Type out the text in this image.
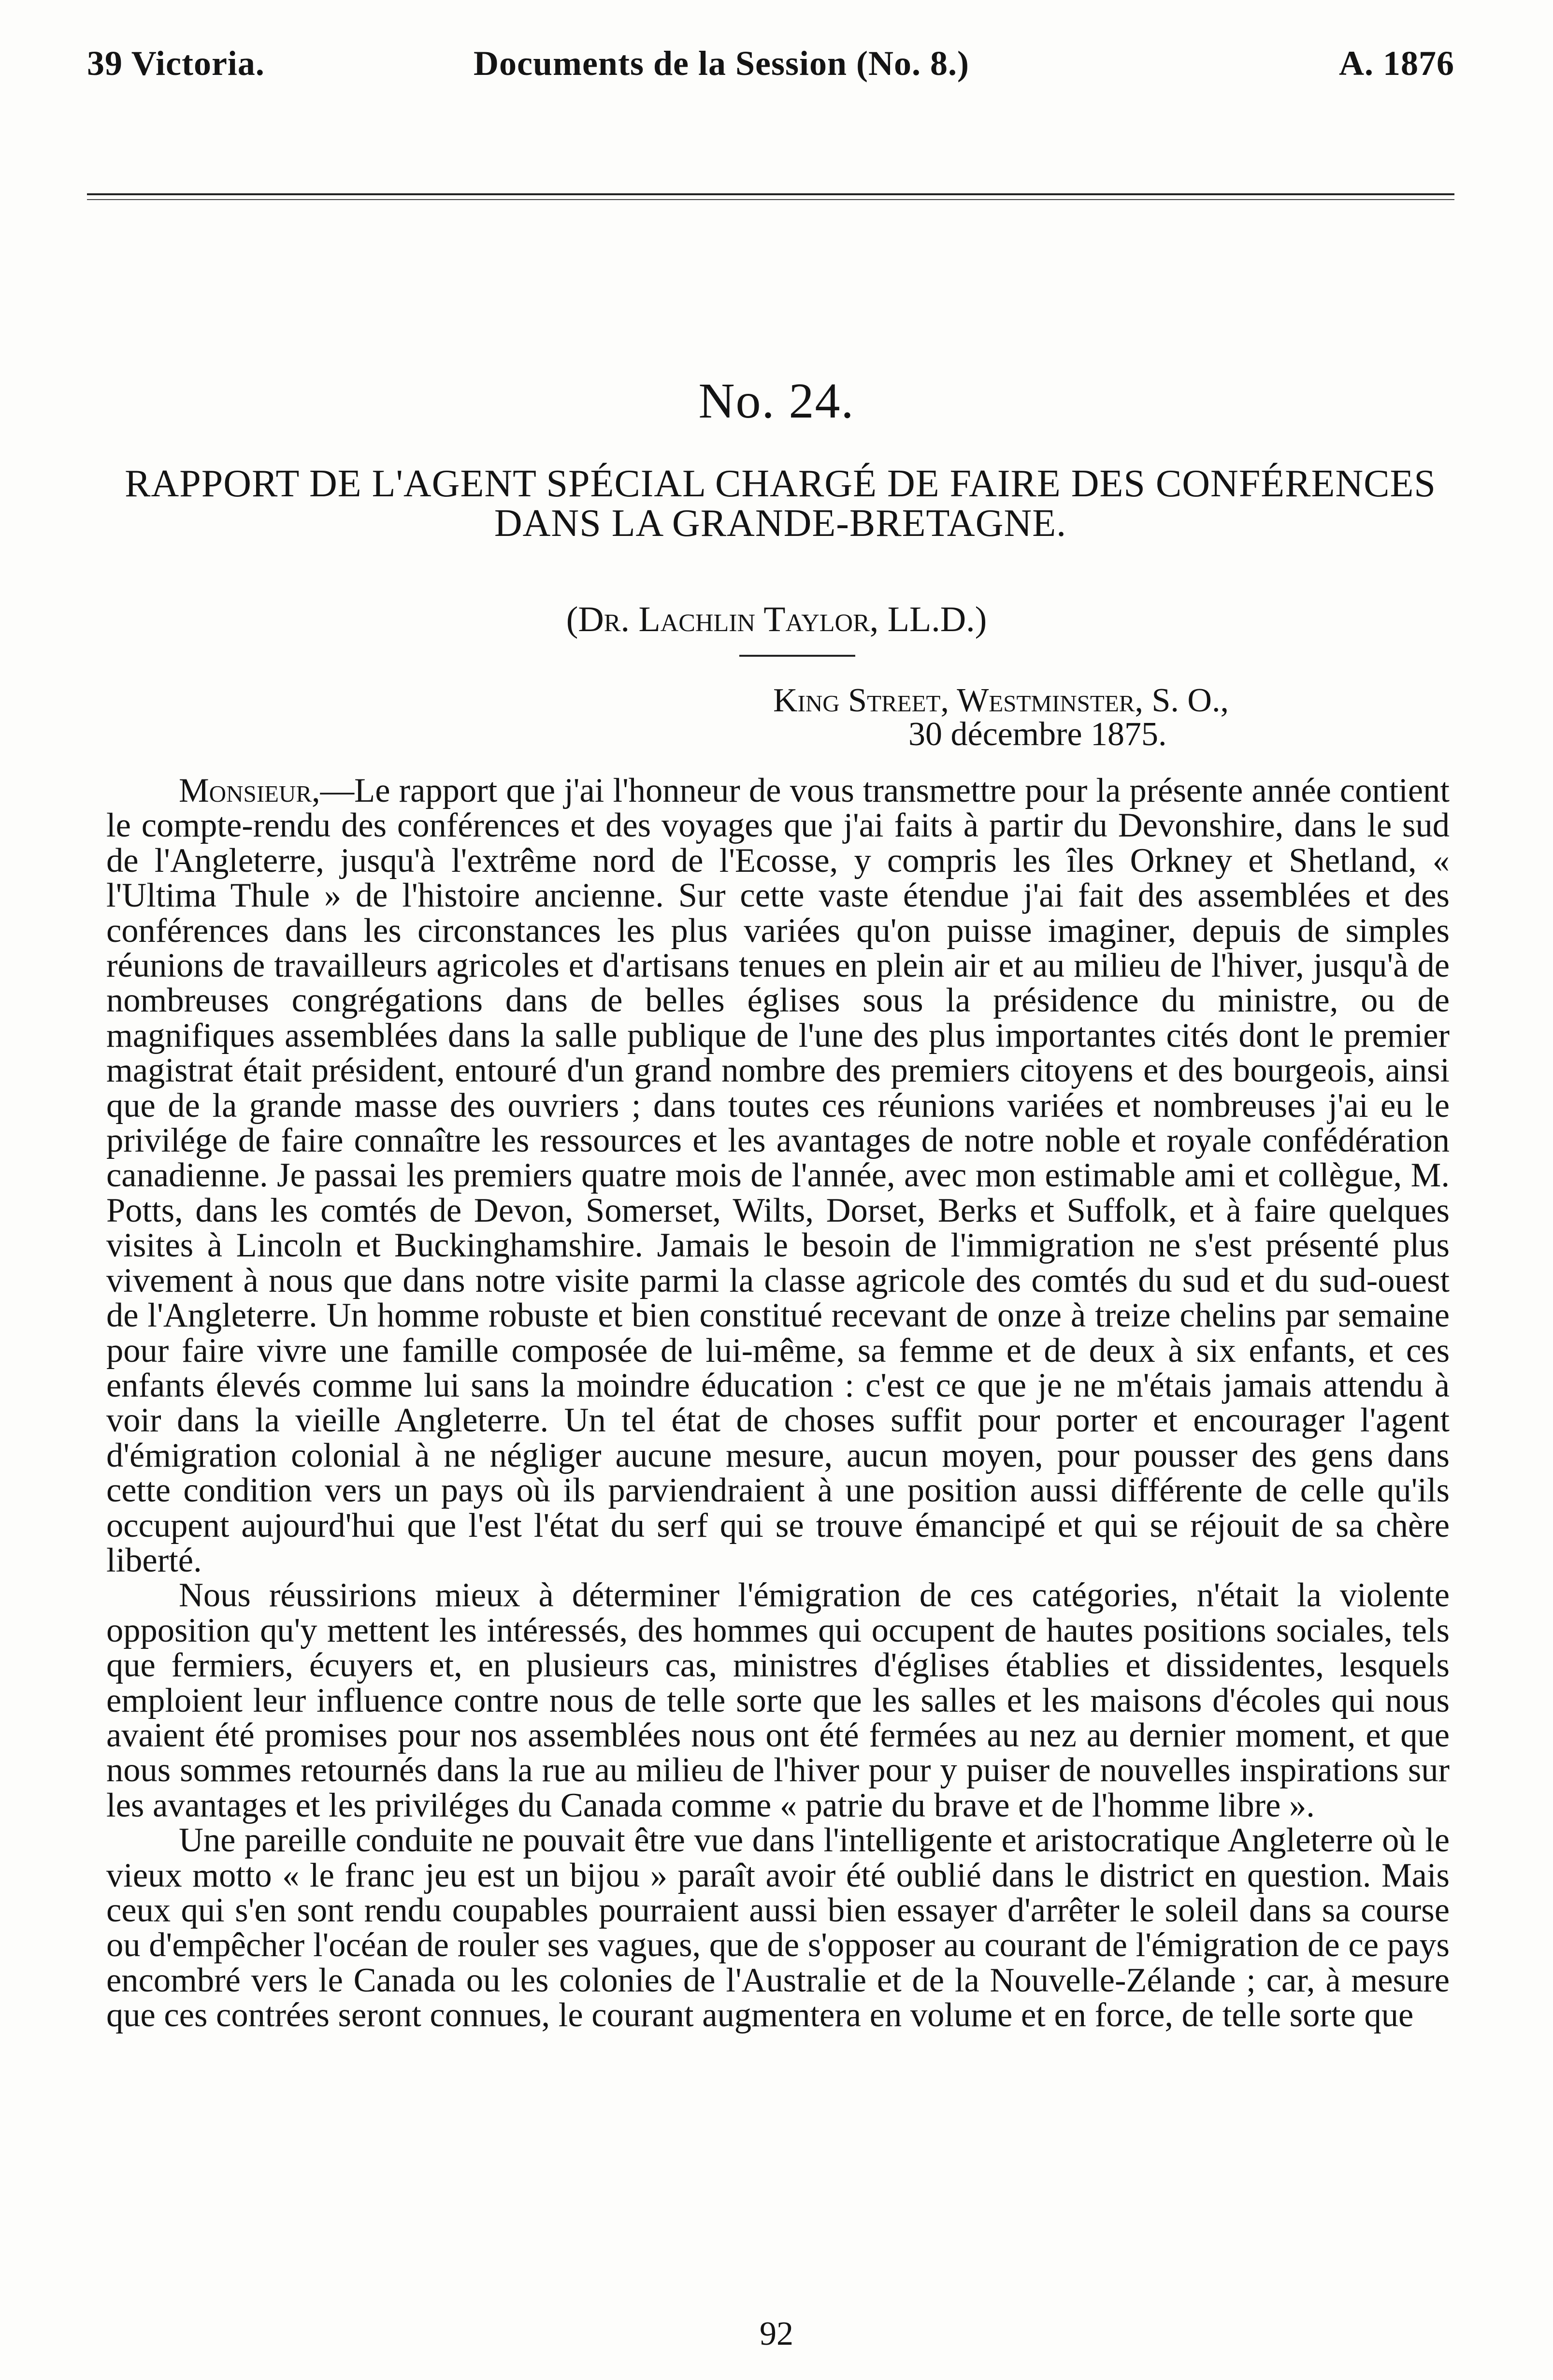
39 Victoria.	Documents de la Session (No. 8.)	A. 1876
No. 24.
RAPPORT DE L'AGENT SPÉCIAL CHARGÉ DE FAIRE DES CONFÉRENCES
DANS LA GRANDE-BRETAGNE.
(Dr. Lachlin Taylor, LL.D.)
King Street, Westminster, S. O.,
30 décembre 1875.

Monsieur,—Le rapport que j'ai l'honneur de vous transmettre pour la présente année contient le compte-rendu des conférences et des voyages que j'ai faits à partir du Devonshire, dans le sud de l'Angleterre, jusqu'à l'extrême nord de l'Ecosse, y compris les îles Orkney et Shetland, « l'Ultima Thule » de l'histoire ancienne. Sur cette vaste étendue j'ai fait des assemblées et des conférences dans les circonstances les plus variées qu'on puisse imaginer, depuis de simples réunions de travailleurs agricoles et d'artisans tenues en plein air et au milieu de l'hiver, jusqu'à de nombreuses congrégations dans de belles églises sous la présidence du ministre, ou de magnifiques assemblées dans la salle publique de l'une des plus importantes cités dont le premier magistrat était président, entouré d'un grand nombre des premiers citoyens et des bourgeois, ainsi que de la grande masse des ouvriers ; dans toutes ces réunions variées et nombreuses j'ai eu le privilége de faire connaître les ressources et les avantages de notre noble et royale confédération canadienne. Je passai les premiers quatre mois de l'année, avec mon estimable ami et collègue, M. Potts, dans les comtés de Devon, Somerset, Wilts, Dorset, Berks et Suffolk, et à faire quelques visites à Lincoln et Buckinghamshire. Jamais le besoin de l'immigration ne s'est présenté plus vivement à nous que dans notre visite parmi la classe agricole des comtés du sud et du sud-ouest de l'Angleterre. Un homme robuste et bien constitué recevant de onze à treize chelins par semaine pour faire vivre une famille composée de lui-même, sa femme et de deux à six enfants, et ces enfants élevés comme lui sans la moindre éducation : c'est ce que je ne m'étais jamais attendu à voir dans la vieille Angleterre. Un tel état de choses suffit pour porter et encourager l'agent d'émigration colonial à ne négliger aucune mesure, aucun moyen, pour pousser des gens dans cette condition vers un pays où ils parviendraient à une position aussi différente de celle qu'ils occupent aujourd'hui que l'est l'état du serf qui se trouve émancipé et qui se réjouit de sa chère liberté.

Nous réussirions mieux à déterminer l'émigration de ces catégories, n'était la violente opposition qu'y mettent les intéressés, des hommes qui occupent de hautes positions sociales, tels que fermiers, écuyers et, en plusieurs cas, ministres d'églises établies et dissidentes, lesquels emploient leur influence contre nous de telle sorte que les salles et les maisons d'écoles qui nous avaient été promises pour nos assemblées nous ont été fermées au nez au dernier moment, et que nous sommes retournés dans la rue au milieu de l'hiver pour y puiser de nouvelles inspirations sur les avantages et les priviléges du Canada comme « patrie du brave et de l'homme libre ».

Une pareille conduite ne pouvait être vue dans l'intelligente et aristocratique Angleterre où le vieux motto « le franc jeu est un bijou » paraît avoir été oublié dans le district en question. Mais ceux qui s'en sont rendu coupables pourraient aussi bien essayer d'arrêter le soleil dans sa course ou d'empêcher l'océan de rouler ses vagues, que de s'opposer au courant de l'émigration de ce pays encombré vers le Canada ou les colonies de l'Australie et de la Nouvelle-Zélande ; car, à mesure que ces contrées seront connues, le courant augmentera en volume et en force, de telle sorte que

92
